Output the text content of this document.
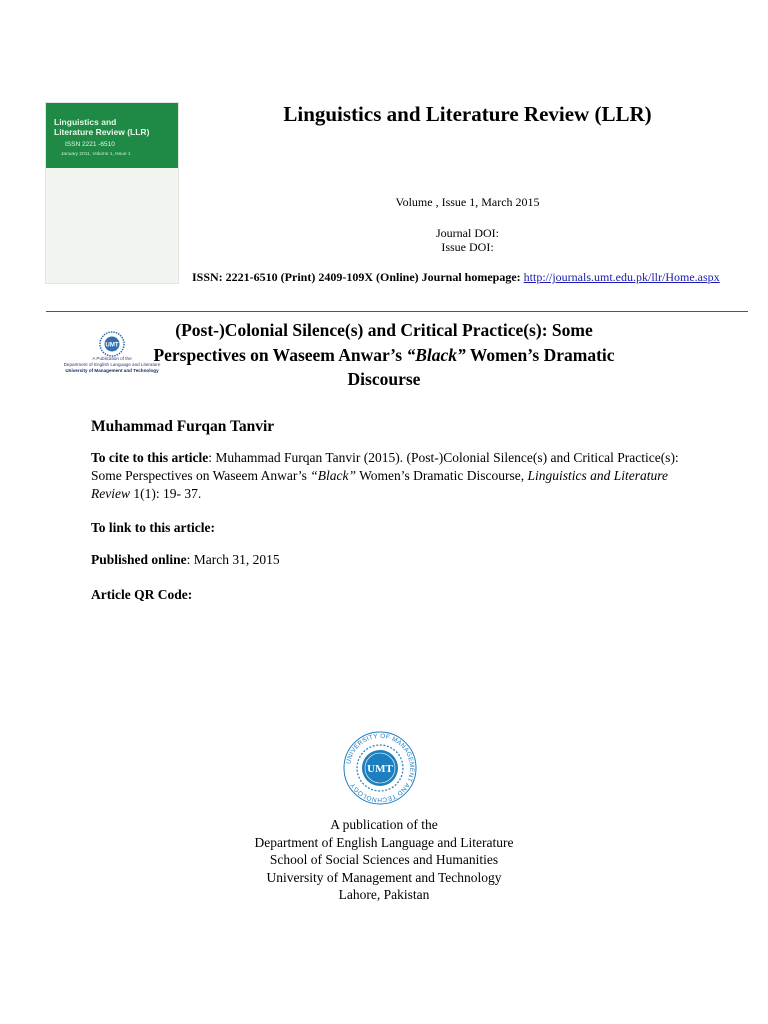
Linguistics and
Literature Review (LLR)
ISSN 2221 -6510
January 2011, Volume 1, Issue 1
UMT
A Publication of the
Department of English Language and Literature
University of Management and Technology
Linguistics and Literature Review (LLR)
Volume , Issue 1, March 2015
Journal DOI:
Issue DOI:
ISSN: 2221-6510 (Print) 2409-109X (Online) Journal homepage: http://journals.umt.edu.pk/llr/Home.aspx
(Post-)Colonial Silence(s) and Critical Practice(s): Some
Perspectives on Waseem Anwar’s “Black” Women’s Dramatic
Discourse
Muhammad Furqan Tanvir
To cite to this article: Muhammad Furqan Tanvir (2015). (Post-)Colonial Silence(s) and Critical Practice(s): Some Perspectives on Waseem Anwar’s “Black” Women’s Dramatic Discourse, Linguistics and Literature Review 1(1): 19- 37.
To link to this article:
Published online: March 31, 2015
Article QR Code:
UNIVERSITY OF MANAGEMENT AND TECHNOLOGY
UMT
A publication of the
Department of English Language and Literature
School of Social Sciences and Humanities
University of Management and Technology
Lahore, Pakistan
